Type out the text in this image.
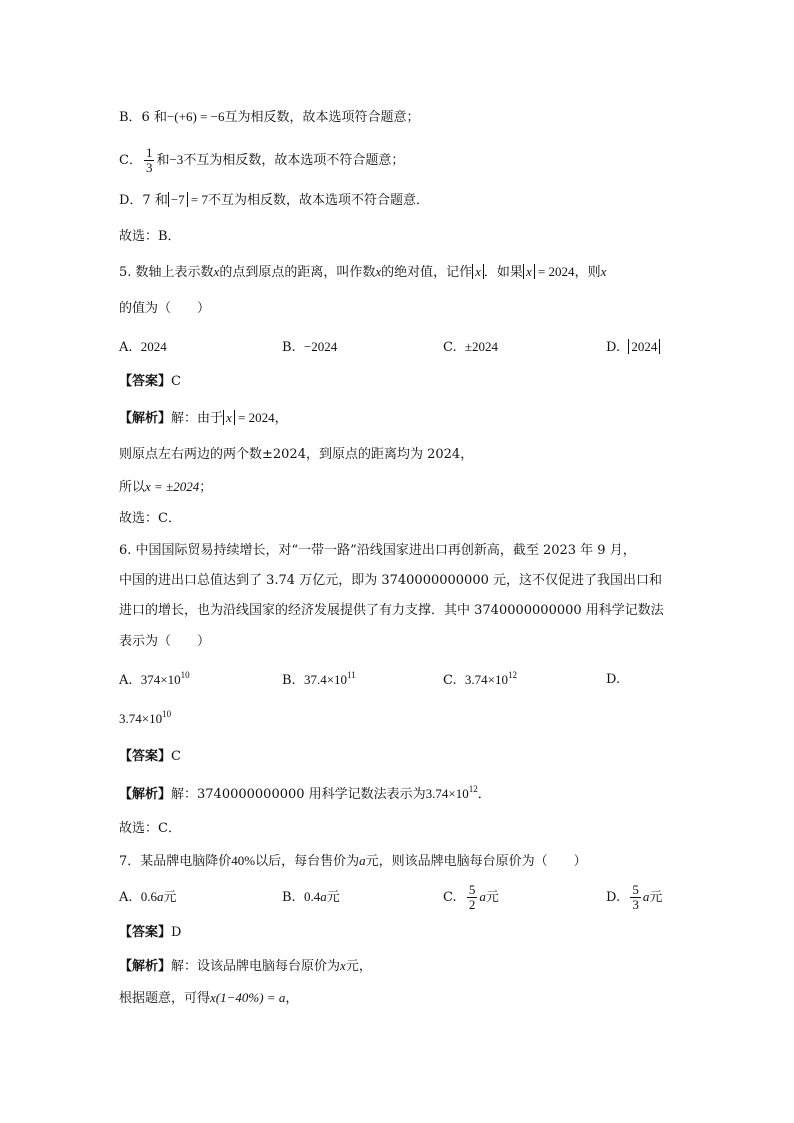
B．6 和−(+6) = −6互为相反数，故本选项符合题意；
C． $\frac{1}{3}$ 和−3不互为相反数，故本选项不符合题意；
D．7 和 −7 = 7不互为相反数，故本选项不符合题意．
故选：B．
5. 数轴上表示数x的点到原点的距离，叫作数x的绝对值，记作 x ．如果 x = 2024，则x
的值为（　　）
A. 2024	B. −2024	C. ±2024	D. 2024
【答案】C
【解析】解：由于 x = 2024，
则原点左右两边的两个数±2024，到原点的距离均为 2024，
所以x = ±2024；
故选：C．
6. 中国国际贸易持续增长，对“一带一路”沿线国家进出口再创新高，截至 2023 年 9 月，
中国的进出口总值达到了 3.74 万亿元，即为 3740000000000 元，这不仅促进了我国出口和
进口的增长，也为沿线国家的经济发展提供了有力支撑．其中 3740000000000 用科学记数法
表示为（　　）
A. $374\times 10^{10}$	B. $37.4\times 10^{11}$	C. $3.74\times 10^{12}$	D.
$3.74\times 10^{10}$
【答案】C
【解析】解：3740000000000 用科学记数法表示为$3.74\times 10^{12}$．
故选：C．
7．某品牌电脑降价40%以后，每台售价为a元，则该品牌电脑每台原价为（　　）
A. 0.6a元	B. 0.4a元	C. $\frac{5}{2}$ a元	D. $\frac{5}{3}$ a元
【答案】D
【解析】解：设该品牌电脑每台原价为x元，
根据题意，可得x(1−40%) = a，
